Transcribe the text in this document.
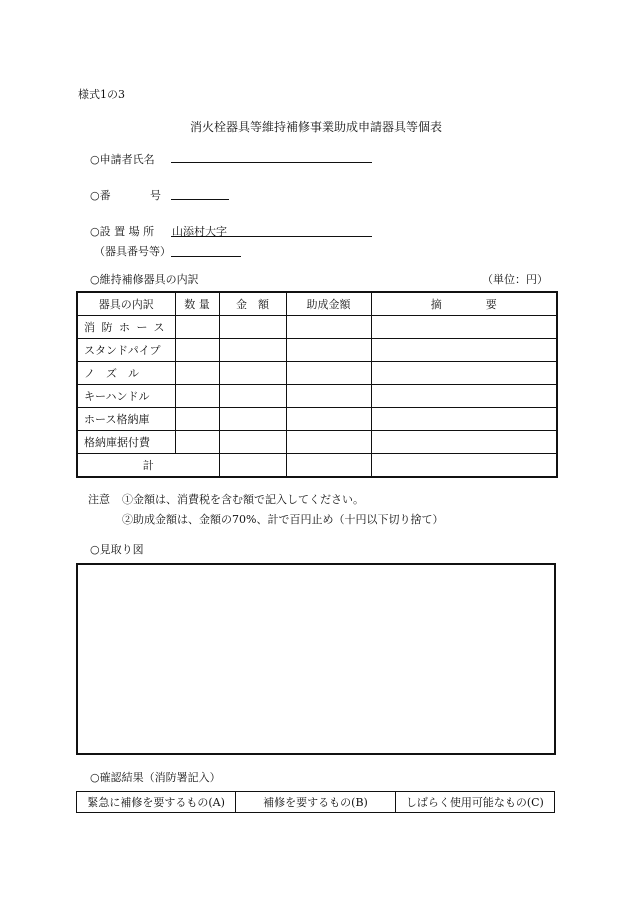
様式1の3
消火栓器具等維持補修事業助成申請器具等個表
○申請者氏名
○番	号
○設 置 場 所 山添村大字
（器具番号等）
○維持補修器具の内訳	（単位：円）
器具の内訳	数 量	金　額	助成金額	摘　　　　要
消防ホース				
スタンドパイプ				
ノ　ズ　ル				
キーハンドル				
ホース格納庫				
格納庫据付費				
計				
注意 ①金額は、消費税を含む額で記入してください。
②助成金額は、金額の70%、計で百円止め（十円以下切り捨て）
○見取り図
○確認結果（消防署記入）
緊急に補修を要するもの(A)	補修を要するもの(B)	しばらく使用可能なもの(C)
